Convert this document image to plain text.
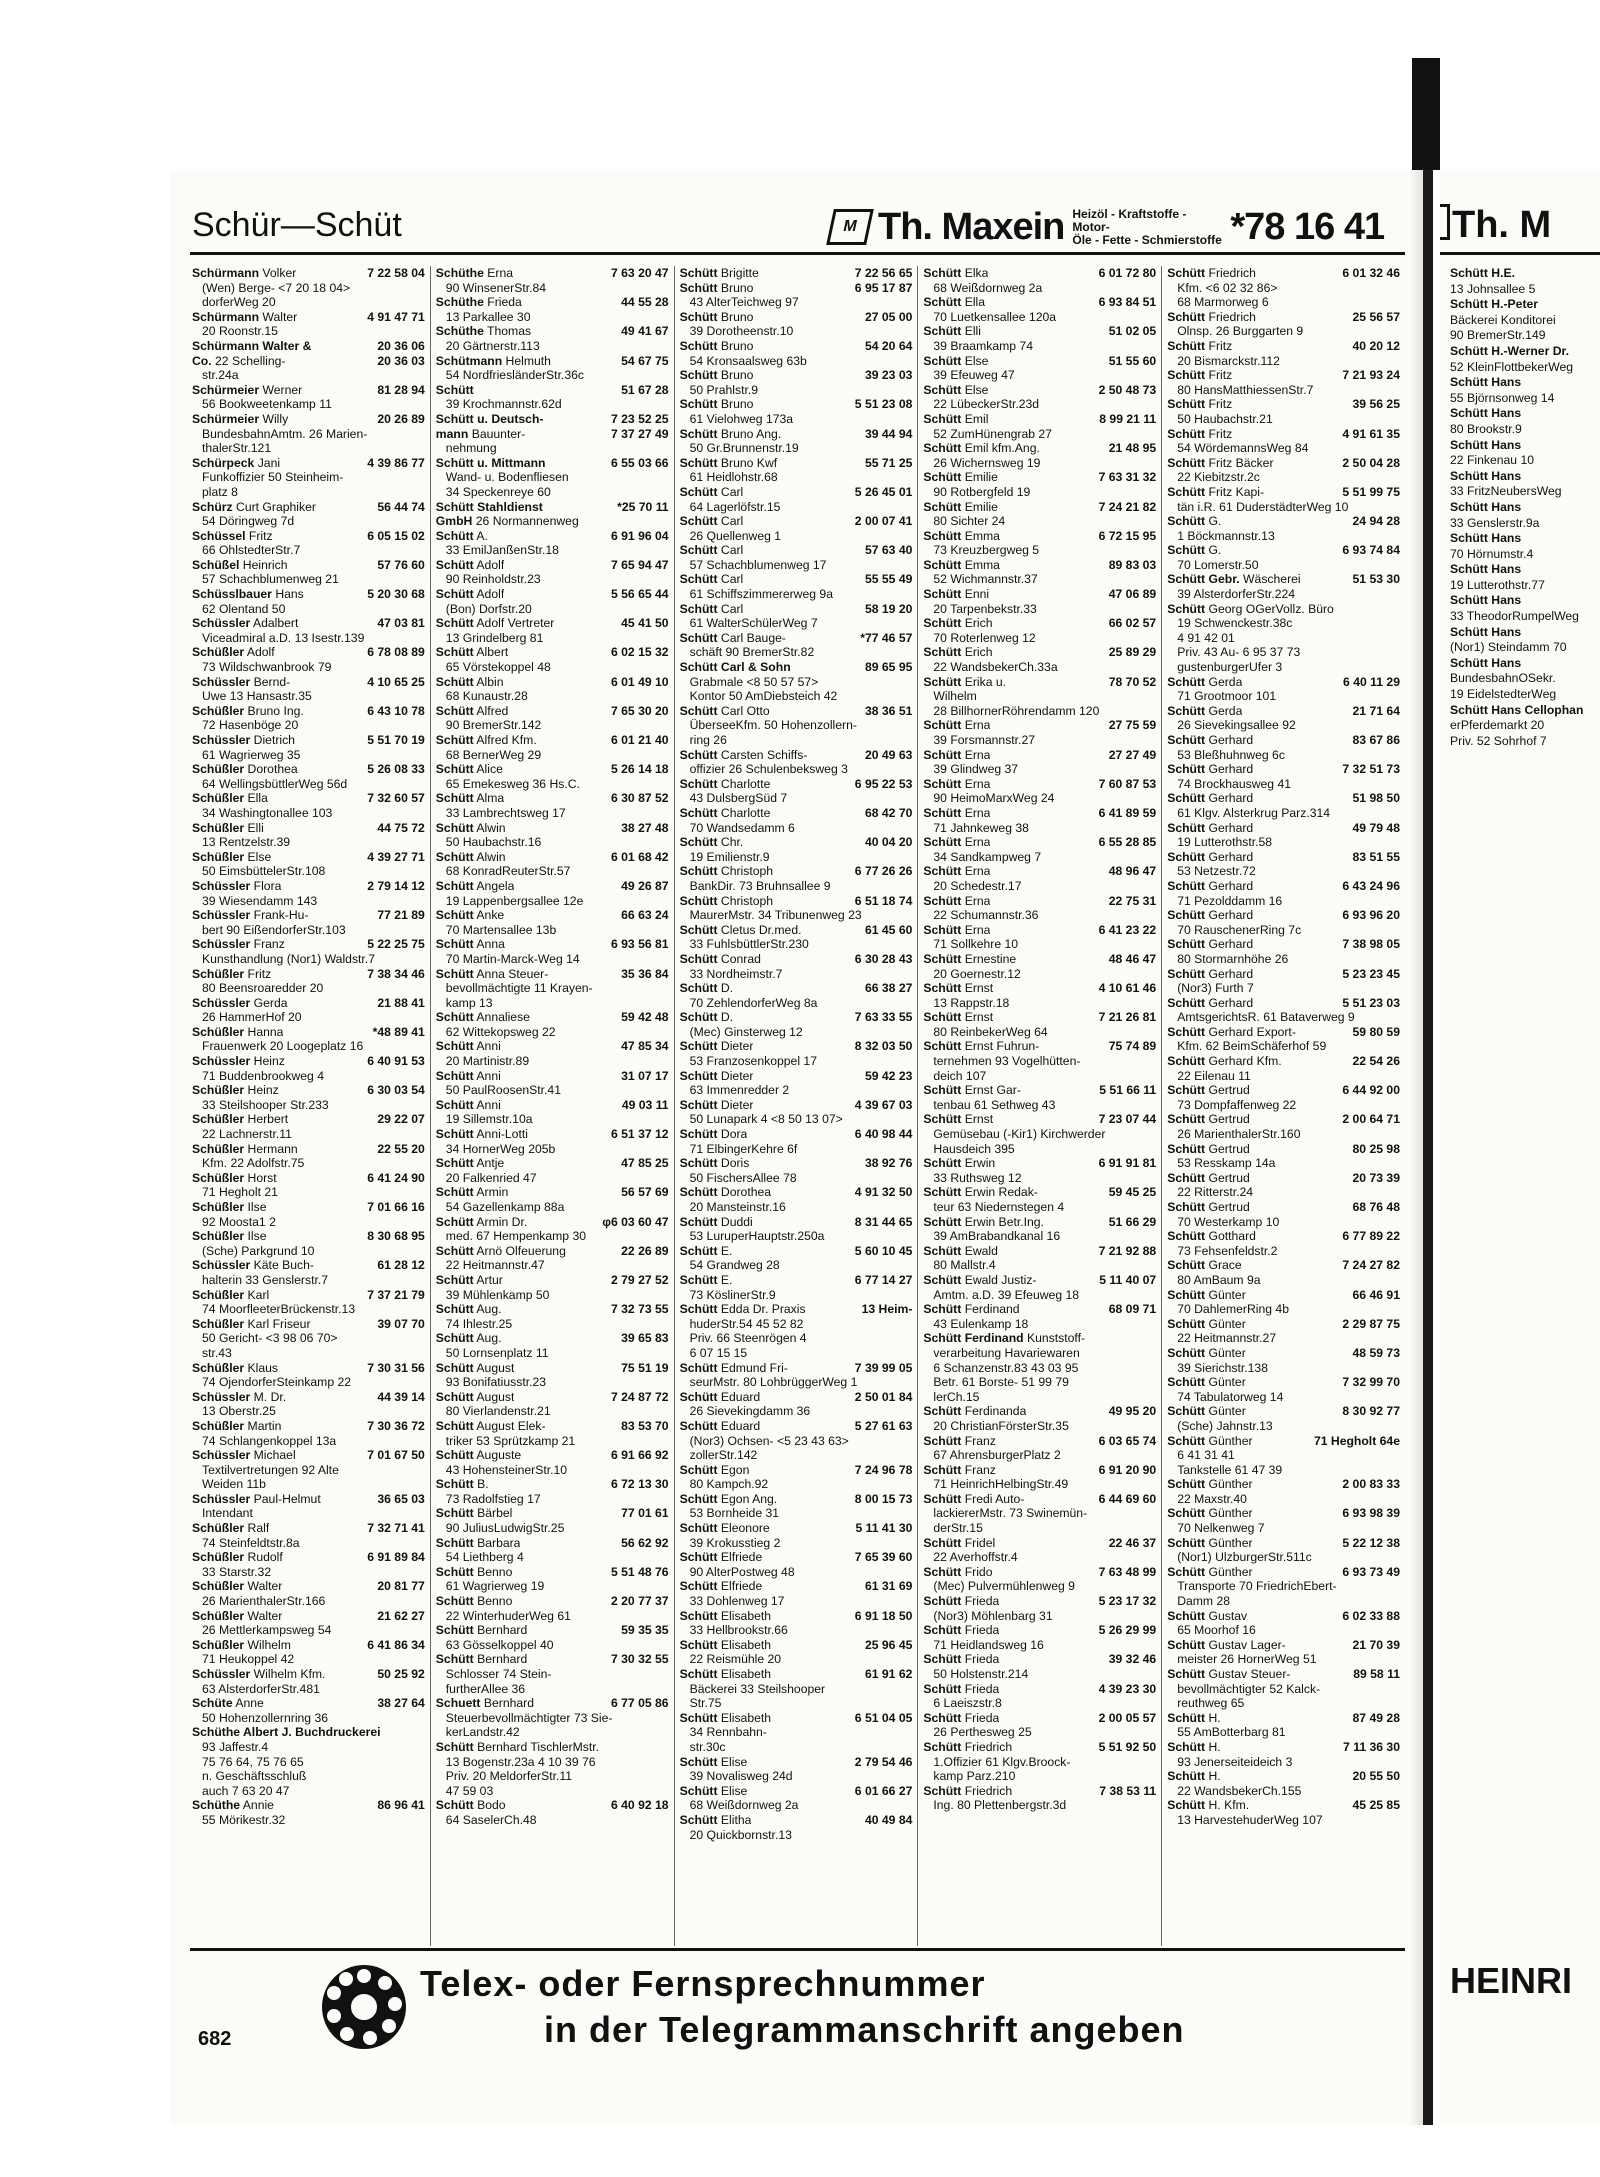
Schür—Schüt	M Th. Maxein Heizöl - Kraftstoffe - Motor-
Öle - Fette - Schmierstoffe *78 16 41
Schürmann Volker	7 22 58 04
(Wen) Berge- <7 20 18 04>
dorferWeg 20
Schürmann Walter	4 91 47 71
20 Roonstr.15
Schürmann Walter &	20 36 06
Co. 22 Schelling-	20 36 03
str.24a
Schürmeier Werner	81 28 94
56 Bookweetenkamp 11
Schürmeier Willy	20 26 89
BundesbahnAmtm. 26 Marien-
thalerStr.121
Schürpeck Jani	4 39 86 77
Funkoffizier 50 Steinheim-
platz 8
Schürz Curt Graphiker	56 44 74
54 Döringweg 7d
Schüssel Fritz	6 05 15 02
66 OhlstedterStr.7
Schüßel Heinrich	57 76 60
57 Schachblumenweg 21
Schüsslbauer Hans	5 20 30 68
62 Olentand 50
Schüssler Adalbert	47 03 81
Viceadmiral a.D. 13 Isestr.139
Schüßler Adolf	6 78 08 89
73 Wildschwanbrook 79
Schüssler Bernd-	4 10 65 25
Uwe 13 Hansastr.35
Schüßler Bruno Ing.	6 43 10 78
72 Hasenböge 20
Schüssler Dietrich	5 51 70 19
61 Wagrierweg 35
Schüßler Dorothea	5 26 08 33
64 WellingsbüttlerWeg 56d
Schüßler Ella	7 32 60 57
34 Washingtonallee 103
Schüßler Elli	44 75 72
13 Rentzelstr.39
Schüßler Else	4 39 27 71
50 EimsbüttelerStr.108
Schüssler Flora	2 79 14 12
39 Wiesendamm 143
Schüssler Frank-Hu-	77 21 89
bert 90 EißendorferStr.103
Schüssler Franz	5 22 25 75
Kunsthandlung (Nor1) Waldstr.7
Schüßler Fritz	7 38 34 46
80 Beensroaredder 20
Schüssler Gerda	21 88 41
26 HammerHof 20
Schüßler Hanna	*48 89 41
Frauenwerk 20 Loogeplatz 16
Schüssler Heinz	6 40 91 53
71 Buddenbrookweg 4
Schüßler Heinz	6 30 03 54
33 Steilshooper Str.233
Schüßler Herbert	29 22 07
22 Lachnerstr.11
Schüßler Hermann	22 55 20
Kfm. 22 Adolfstr.75
Schüßler Horst	6 41 24 90
71 Hegholt 21
Schüßler Ilse	7 01 66 16
92 Moosta1 2
Schüßler Ilse	8 30 68 95
(Sche) Parkgrund 10
Schüssler Käte Buch-	61 28 12
halterin 33 Genslerstr.7
Schüßler Karl	7 37 21 79
74 MoorfleeterBrückenstr.13
Schüßler Karl Friseur	39 07 70
50 Gericht- <3 98 06 70>
str.43
Schüßler Klaus	7 30 31 56
74 OjendorferSteinkamp 22
Schüssler M. Dr.	44 39 14
13 Oberstr.25
Schüßler Martin	7 30 36 72
74 Schlangenkoppel 13a
Schüssler Michael	7 01 67 50
Textilvertretungen 92 Alte
Weiden 11b
Schüssler Paul-Helmut	36 65 03
Intendant
Schüßler Ralf	7 32 71 41
74 Steinfeldtstr.8a
Schüßler Rudolf	6 91 89 84
33 Starstr.32
Schüßler Walter	20 81 77
26 MarienthalerStr.166
Schüßler Walter	21 62 27
26 Mettlerkampsweg 54
Schüßler Wilhelm	6 41 86 34
71 Heukoppel 42
Schüssler Wilhelm Kfm.	50 25 92
63 AlsterdorferStr.481
Schüte Anne	38 27 64
50 Hohenzollernring 36
Schüthe Albert J. Buchdruckerei
93 Jaffestr.4
75 76 64, 75 76 65
n. Geschäftsschluß
auch 7 63 20 47
Schüthe Annie	86 96 41
55 Mörikestr.32
Schüthe Erna	7 63 20 47
90 WinsenerStr.84
Schüthe Frieda	44 55 28
13 Parkallee 30
Schüthe Thomas	49 41 67
20 Gärtnerstr.113
Schütmann Helmuth	54 67 75
54 NordfriesländerStr.36c
Schütt	51 67 28
39 Krochmannstr.62d
Schütt u. Deutsch-	7 23 52 25
mann Bauunter-	7 37 27 49
nehmung
Schütt u. Mittmann	6 55 03 66
Wand- u. Bodenfliesen
34 Speckenreye 60
Schütt Stahldienst	*25 70 11
GmbH 26 Normannenweg
Schütt A.	6 91 96 04
33 EmilJanßenStr.18
Schütt Adolf	7 65 94 47
90 Reinholdstr.23
Schütt Adolf	5 56 65 44
(Bon) Dorfstr.20
Schütt Adolf Vertreter	45 41 50
13 Grindelberg 81
Schütt Albert	6 02 15 32
65 Vörstekoppel 48
Schütt Albin	6 01 49 10
68 Kunaustr.28
Schütt Alfred	7 65 30 20
90 BremerStr.142
Schütt Alfred Kfm.	6 01 21 40
68 BernerWeg 29
Schütt Alice	5 26 14 18
65 Emekesweg 36 Hs.C.
Schütt Alma	6 30 87 52
33 Lambrechtsweg 17
Schütt Alwin	38 27 48
50 Haubachstr.16
Schütt Alwin	6 01 68 42
68 KonradReuterStr.57
Schütt Angela	49 26 87
19 Lappenbergsallee 12e
Schütt Anke	66 63 24
70 Martensallee 13b
Schütt Anna	6 93 56 81
70 Martin-Marck-Weg 14
Schütt Anna Steuer-	35 36 84
bevollmächtigte 11 Krayen-
kamp 13
Schütt Annaliese	59 42 48
62 Wittekopsweg 22
Schütt Anni	47 85 34
20 Martinistr.89
Schütt Anni	31 07 17
50 PaulRoosenStr.41
Schütt Anni	49 03 11
19 Sillemstr.10a
Schütt Anni-Lotti	6 51 37 12
34 HornerWeg 205b
Schütt Antje	47 85 25
20 Falkenried 47
Schütt Armin	56 57 69
54 Gazellenkamp 88a
Schütt Armin Dr.	φ6 03 60 47
med. 67 Hempenkamp 30
Schütt Arnö Olfeuerung	22 26 89
22 Heitmannstr.47
Schütt Artur	2 79 27 52
39 Mühlenkamp 50
Schütt Aug.	7 32 73 55
74 Ihlestr.25
Schütt Aug.	39 65 83
50 Lornsenplatz 11
Schütt August	75 51 19
93 Bonifatiusstr.23
Schütt August	7 24 87 72
80 Vierlandenstr.21
Schütt August Elek-	83 53 70
triker 53 Sprützkamp 21
Schütt Auguste	6 91 66 92
43 HohensteinerStr.10
Schütt B.	6 72 13 30
73 Radolfstieg 17
Schütt Bärbel	77 01 61
90 JuliusLudwigStr.25
Schütt Barbara	56 62 92
54 Liethberg 4
Schütt Benno	5 51 48 76
61 Wagrierweg 19
Schütt Benno	2 20 77 37
22 WinterhuderWeg 61
Schütt Bernhard	59 35 35
63 Gösselkoppel 40
Schütt Bernhard	7 30 32 55
Schlosser 74 Stein-
furtherAllee 36
Schuett Bernhard	6 77 05 86
Steuerbevollmächtigter 73 Sie-
kerLandstr.42
Schütt Bernhard TischlerMstr.
13 Bogenstr.23a 4 10 39 76
Priv. 20 MeldorferStr.11
47 59 03
Schütt Bodo	6 40 92 18
64 SaselerCh.48
Schütt Brigitte	7 22 56 65
Schütt Bruno	6 95 17 87
43 AlterTeichweg 97
Schütt Bruno	27 05 00
39 Dorotheenstr.10
Schütt Bruno	54 20 64
54 Kronsaalsweg 63b
Schütt Bruno	39 23 03
50 Prahlstr.9
Schütt Bruno	5 51 23 08
61 Vielohweg 173a
Schütt Bruno Ang.	39 44 94
50 Gr.Brunnenstr.19
Schütt Bruno Kwf	55 71 25
61 Heidlohstr.68
Schütt Carl	5 26 45 01
64 Lagerlöfstr.15
Schütt Carl	2 00 07 41
26 Quellenweg 1
Schütt Carl	57 63 40
57 Schachblumenweg 17
Schütt Carl	55 55 49
61 Schiffszimmererweg 9a
Schütt Carl	58 19 20
61 WalterSchülerWeg 7
Schütt Carl Bauge-	*77 46 57
schäft 90 BremerStr.82
Schütt Carl & Sohn	89 65 95
Grabmale <8 50 57 57>
Kontor 50 AmDiebsteich 42
Schütt Carl Otto	38 36 51
ÜberseeKfm. 50 Hohenzollern-
ring 26
Schütt Carsten Schiffs-	20 49 63
offizier 26 Schulenbeksweg 3
Schütt Charlotte	6 95 22 53
43 DulsbergSüd 7
Schütt Charlotte	68 42 70
70 Wandsedamm 6
Schütt Chr.	40 04 20
19 Emilienstr.9
Schütt Christoph	6 77 26 26
BankDir. 73 Bruhnsallee 9
Schütt Christoph	6 51 18 74
MaurerMstr. 34 Tribunenweg 23
Schütt Cletus Dr.med.	61 45 60
33 FuhlsbüttlerStr.230
Schütt Conrad	6 30 28 43
33 Nordheimstr.7
Schütt D.	66 38 27
70 ZehlendorferWeg 8a
Schütt D.	7 63 33 55
(Mec) Ginsterweg 12
Schütt Dieter	8 32 03 50
53 Franzosenkoppel 17
Schütt Dieter	59 42 23
63 Immenredder 2
Schütt Dieter	4 39 67 03
50 Lunapark 4 <8 50 13 07>
Schütt Dora	6 40 98 44
71 ElbingerKehre 6f
Schütt Doris	38 92 76
50 FischersAllee 78
Schütt Dorothea	4 91 32 50
20 Mansteinstr.16
Schütt Duddi	8 31 44 65
53 LuruperHauptstr.250a
Schütt E.	5 60 10 45
54 Grandweg 28
Schütt E.	6 77 14 27
73 KöslinerStr.9
Schütt Edda Dr. Praxis	13 Heim-
huderStr.54 45 52 82
Priv. 66 Steenrögen 4
6 07 15 15
Schütt Edmund Fri-	7 39 99 05
seurMstr. 80 LohbrüggerWeg 1
Schütt Eduard	2 50 01 84
26 Sievekingdamm 36
Schütt Eduard	5 27 61 63
(Nor3) Ochsen- <5 23 43 63>
zollerStr.142
Schütt Egon	7 24 96 78
80 Kampch.92
Schütt Egon Ang.	8 00 15 73
53 Bornheide 31
Schütt Eleonore	5 11 41 30
39 Krokusstieg 2
Schütt Elfriede	7 65 39 60
90 AlterPostweg 48
Schütt Elfriede	61 31 69
33 Dohlenweg 17
Schütt Elisabeth	6 91 18 50
33 Hellbrookstr.66
Schütt Elisabeth	25 96 45
22 Reismühle 20
Schütt Elisabeth	61 91 62
Bäckerei 33 Steilshooper
Str.75
Schütt Elisabeth	6 51 04 05
34 Rennbahn-
str.30c
Schütt Elise	2 79 54 46
39 Novalisweg 24d
Schütt Elise	6 01 66 27
68 Weißdornweg 2a
Schütt Elitha	40 49 84
20 Quickbornstr.13
Schütt Elka	6 01 72 80
68 Weißdornweg 2a
Schütt Ella	6 93 84 51
70 Luetkensallee 120a
Schütt Elli	51 02 05
39 Braamkamp 74
Schütt Else	51 55 60
39 Efeuweg 47
Schütt Else	2 50 48 73
22 LübeckerStr.23d
Schütt Emil	8 99 21 11
52 ZumHünengrab 27
Schütt Emil kfm.Ang.	21 48 95
26 Wichernsweg 19
Schütt Emilie	7 63 31 32
90 Rotbergfeld 19
Schütt Emilie	7 24 21 82
80 Sichter 24
Schütt Emma	6 72 15 95
73 Kreuzbergweg 5
Schütt Emma	89 83 03
52 Wichmannstr.37
Schütt Enni	47 06 89
20 Tarpenbekstr.33
Schütt Erich	66 02 57
70 Roterlenweg 12
Schütt Erich	25 89 29
22 WandsbekerCh.33a
Schütt Erika u.	78 70 52
Wilhelm
28 BillhornerRöhrendamm 120
Schütt Erna	27 75 59
39 Forsmannstr.27
Schütt Erna	27 27 49
39 Glindweg 37
Schütt Erna	7 60 87 53
90 HeimoMarxWeg 24
Schütt Erna	6 41 89 59
71 Jahnkeweg 38
Schütt Erna	6 55 28 85
34 Sandkampweg 7
Schütt Erna	48 96 47
20 Schedestr.17
Schütt Erna	22 75 31
22 Schumannstr.36
Schütt Erna	6 41 23 22
71 Sollkehre 10
Schütt Ernestine	48 46 47
20 Goernestr.12
Schütt Ernst	4 10 61 46
13 Rappstr.18
Schütt Ernst	7 21 26 81
80 ReinbekerWeg 64
Schütt Ernst Fuhrun-	75 74 89
ternehmen 93 Vogelhütten-
deich 107
Schütt Ernst Gar-	5 51 66 11
tenbau 61 Sethweg 43
Schütt Ernst	7 23 07 44
Gemüsebau (-Kir1) Kirchwerder
Hausdeich 395
Schütt Erwin	6 91 91 81
33 Ruthsweg 12
Schütt Erwin Redak-	59 45 25
teur 63 Niedernstegen 4
Schütt Erwin Betr.Ing.	51 66 29
39 AmBrabandkanal 16
Schütt Ewald	7 21 92 88
80 Mallstr.4
Schütt Ewald Justiz-	5 11 40 07
Amtm. a.D. 39 Efeuweg 18
Schütt Ferdinand	68 09 71
43 Eulenkamp 18
Schütt Ferdinand Kunststoff-
verarbeitung Havariewaren
6 Schanzenstr.83 43 03 95
Betr. 61 Borste- 51 99 79
lerCh.15
Schütt Ferdinanda	49 95 20
20 ChristianFörsterStr.35
Schütt Franz	6 03 65 74
67 AhrensburgerPlatz 2
Schütt Franz	6 91 20 90
71 HeinrichHelbingStr.49
Schütt Fredi Auto-	6 44 69 60
lackiererMstr. 73 Swinemün-
derStr.15
Schütt Fridel	22 46 37
22 Averhoffstr.4
Schütt Frido	7 63 48 99
(Mec) Pulvermühlenweg 9
Schütt Frieda	5 23 17 32
(Nor3) Möhlenbarg 31
Schütt Frieda	5 26 29 99
71 Heidlandsweg 16
Schütt Frieda	39 32 46
50 Holstenstr.214
Schütt Frieda	4 39 23 30
6 Laeiszstr.8
Schütt Frieda	2 00 05 57
26 Perthesweg 25
Schütt Friedrich	5 51 92 50
1.Offizier 61 Klgv.Broock-
kamp Parz.210
Schütt Friedrich	7 38 53 11
Ing. 80 Plettenbergstr.3d
Schütt Friedrich	6 01 32 46
Kfm. <6 02 32 86>
68 Marmorweg 6
Schütt Friedrich	25 56 57
Olnsp. 26 Burggarten 9
Schütt Fritz	40 20 12
20 Bismarckstr.112
Schütt Fritz	7 21 93 24
80 HansMatthiessenStr.7
Schütt Fritz	39 56 25
50 Haubachstr.21
Schütt Fritz	4 91 61 35
54 WördemannsWeg 84
Schütt Fritz Bäcker	2 50 04 28
22 Kiebitzstr.2c
Schütt Fritz Kapi-	5 51 99 75
tän i.R. 61 DuderstädterWeg 10
Schütt G.	24 94 28
1 Böckmannstr.13
Schütt G.	6 93 74 84
70 Lomerstr.50
Schütt Gebr. Wäscherei	51 53 30
39 AlsterdorferStr.224
Schütt Georg OGerVollz. Büro
19 Schwenckestr.38c
4 91 42 01
Priv. 43 Au- 6 95 37 73
gustenburgerUfer 3
Schütt Gerda	6 40 11 29
71 Grootmoor 101
Schütt Gerda	21 71 64
26 Sievekingsallee 92
Schütt Gerhard	83 67 86
53 Bleßhuhnweg 6c
Schütt Gerhard	7 32 51 73
74 Brockhausweg 41
Schütt Gerhard	51 98 50
61 Klgv. Alsterkrug Parz.314
Schütt Gerhard	49 79 48
19 Lutterothstr.58
Schütt Gerhard	83 51 55
53 Netzestr.72
Schütt Gerhard	6 43 24 96
71 Pezolddamm 16
Schütt Gerhard	6 93 96 20
70 RauschenerRing 7c
Schütt Gerhard	7 38 98 05
80 Stormarnhöhe 26
Schütt Gerhard	5 23 23 45
(Nor3) Furth 7
Schütt Gerhard	5 51 23 03
AmtsgerichtsR. 61 Bataverweg 9
Schütt Gerhard Export-	59 80 59
Kfm. 62 BeimSchäferhof 59
Schütt Gerhard Kfm.	22 54 26
22 Eilenau 11
Schütt Gertrud	6 44 92 00
73 Dompfaffenweg 22
Schütt Gertrud	2 00 64 71
26 MarienthalerStr.160
Schütt Gertrud	80 25 98
53 Resskamp 14a
Schütt Gertrud	20 73 39
22 Ritterstr.24
Schütt Gertrud	68 76 48
70 Westerkamp 10
Schütt Gotthard	6 77 89 22
73 Fehsenfeldstr.2
Schütt Grace	7 24 27 82
80 AmBaum 9a
Schütt Günter	66 46 91
70 DahlemerRing 4b
Schütt Günter	2 29 87 75
22 Heitmannstr.27
Schütt Günter	48 59 73
39 Sierichstr.138
Schütt Günter	7 32 99 70
74 Tabulatorweg 14
Schütt Günter	8 30 92 77
(Sche) Jahnstr.13
Schütt Günther	71 Hegholt 64e
6 41 31 41
Tankstelle 61 47 39
Schütt Günther	2 00 83 33
22 Maxstr.40
Schütt Günther	6 93 98 39
70 Nelkenweg 7
Schütt Günther	5 22 12 38
(Nor1) UlzburgerStr.511c
Schütt Günther	6 93 73 49
Transporte 70 FriedrichEbert-
Damm 28
Schütt Gustav	6 02 33 88
65 Moorhof 16
Schütt Gustav Lager-	21 70 39
meister 26 HornerWeg 51
Schütt Gustav Steuer-	89 58 11
bevollmächtigter 52 Kalck-
reuthweg 65
Schütt H.	87 49 28
55 AmBotterbarg 81
Schütt H.	7 11 36 30
93 Jenerseiteideich 3
Schütt H.	20 55 50
22 WandsbekerCh.155
Schütt H. Kfm.	45 25 85
13 HarvestehuderWeg 107
682
Telex- oder Fernsprechnummer
in der Telegrammanschrift angeben
Th. M
Schütt H.E.
13 Johnsallee 5
Schütt H.-Peter
Bäckerei Konditorei
90 BremerStr.149
Schütt H.-Werner Dr.
52 KleinFlottbekerWeg
Schütt Hans
55 Björnsonweg 14
Schütt Hans
80 Brookstr.9
Schütt Hans
22 Finkenau 10
Schütt Hans
33 FritzNeubersWeg
Schütt Hans
33 Genslerstr.9a
Schütt Hans
70 Hörnumstr.4
Schütt Hans
19 Lutterothstr.77
Schütt Hans
33 TheodorRumpelWeg
Schütt Hans
(Nor1) Steindamm 70
Schütt Hans
BundesbahnOSekr.
19 EidelstedterWeg
Schütt Hans Cellophan
erPferdemarkt 20
Priv. 52 Sohrhof 7
HEINRI
